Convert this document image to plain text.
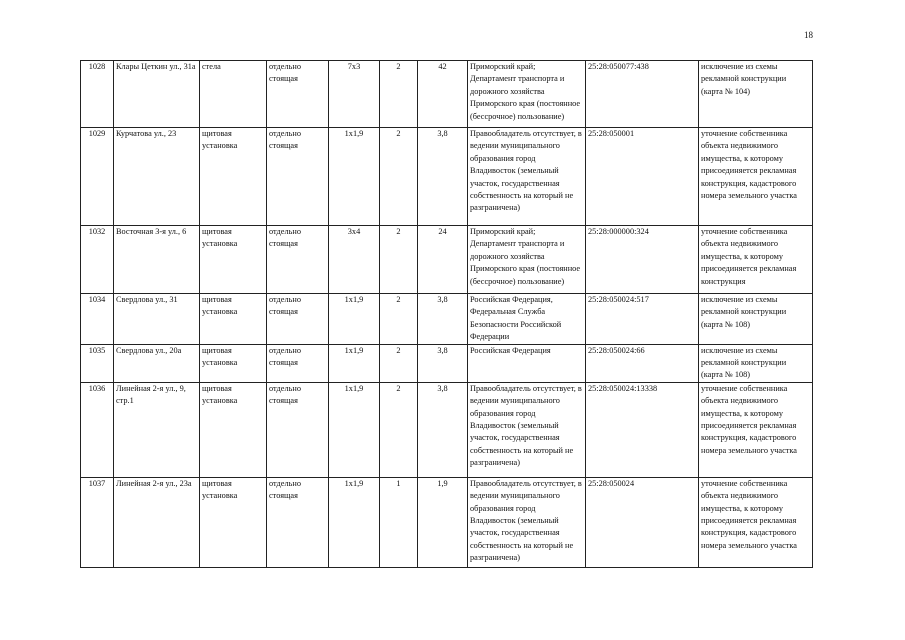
18
1028	Клары Цеткин ул., 31а	стела	отдельно стоящая	7х3	2	42	Приморский край; Департамент транспорта и дорожного хозяйства Приморского края (постоянное (бессрочное) пользование)	25:28:050077:438	исключение из схемы рекламной конструкции (карта № 104)
1029	Курчатова ул., 23	щитовая установка	отдельно стоящая	1х1,9	2	3,8	Правообладатель отсутствует, в ведении муниципального образования город Владивосток (земельный участок, государственная собственность на который не разграничена)	25:28:050001	уточнение собственника объекта недвижимого имущества, к которому присоединяется рекламная конструкция, кадастрового номера земельного участка
1032	Восточная 3-я ул., 6	щитовая установка	отдельно стоящая	3х4	2	24	Приморский край; Департамент транспорта и дорожного хозяйства Приморского края (постоянное (бессрочное) пользование)	25:28:000000:324	уточнение собственника объекта недвижимого имущества, к которому присоединяется рекламная конструкция
1034	Свердлова ул., 31	щитовая установка	отдельно стоящая	1х1,9	2	3,8	Российская Федерация, Федеральная Служба Безопасности Российской Федерации	25:28:050024:517	исключение из схемы рекламной конструкции (карта № 108)
1035	Свердлова ул., 20а	щитовая установка	отдельно стоящая	1х1,9	2	3,8	Российская Федерация	25:28:050024:66	исключение из схемы рекламной конструкции (карта № 108)
1036	Линейная 2-я ул., 9, стр.1	щитовая установка	отдельно стоящая	1х1,9	2	3,8	Правообладатель отсутствует, в ведении муниципального образования город Владивосток (земельный участок, государственная собственность на который не разграничена)	25:28:050024:13338	уточнение собственника объекта недвижимого имущества, к которому присоединяется рекламная конструкция, кадастрового номера земельного участка
1037	Линейная 2-я ул., 23а	щитовая установка	отдельно стоящая	1х1,9	1	1,9	Правообладатель отсутствует, в ведении муниципального образования город Владивосток (земельный участок, государственная собственность на который не разграничена)	25:28:050024	уточнение собственника объекта недвижимого имущества, к которому присоединяется рекламная конструкция, кадастрового номера земельного участка
